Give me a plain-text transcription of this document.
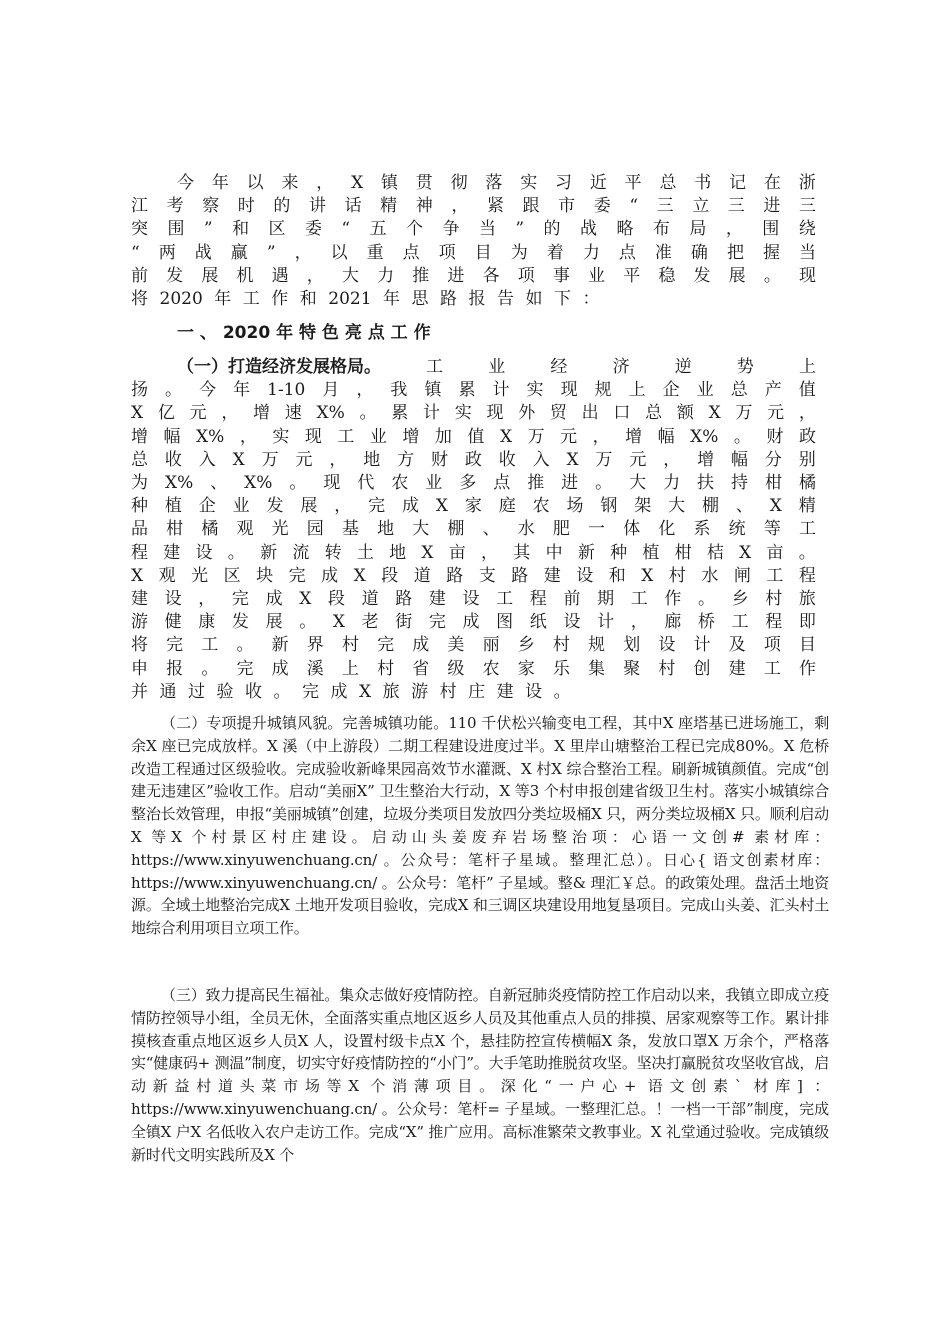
今 年 以 来 ， X 镇 贯 彻 落 实 习 近 平 总 书 记 在 浙
江 考 察 时 的 讲 话 精 神 ， 紧 跟 市 委 “ 三 立 三 进 三
突 围 ” 和 区 委 “ 五 个 争 当 ” 的 战 略 布 局 ， 围 绕
“ 两 战 赢 ” ， 以 重 点 项 目 为 着 力 点 准 确 把 握 当
前 发 展 机 遇 ， 大 力 推 进 各 项 事 业 平 稳 发 展 。 现
将 2020 年 工 作 和 2021 年 思 路 报 告 如 下 ：
一 、 2020 年 特 色 亮 点 工 作
（一）打造经济发展格局。	工	业	经	济	逆	势	上
扬 。 今 年 1-10 月 ， 我 镇 累 计 实 现 规 上 企 业 总 产 值
X 亿 元 ， 增 速 X% 。 累 计 实 现 外 贸 出 口 总 额 X 万 元 ，
增 幅 X% ， 实 现 工 业 增 加 值 X 万 元 ， 增 幅 X% 。 财 政
总 收 入 X 万 元 ， 地 方 财 政 收 入 X 万 元 ， 增 幅 分 别
为 X% 、 X% 。 现 代 农 业 多 点 推 进 。 大 力 扶 持 柑 橘
种 植 企 业 发 展 ， 完 成 X 家 庭 农 场 钢 架 大 棚 、 X 精
品 柑 橘 观 光 园 基 地 大 棚 、 水 肥 一 体 化 系 统 等 工
程 建 设 。 新 流 转 土 地 X 亩 ， 其 中 新 种 植 柑 桔 X 亩 。
X 观 光 区 块 完 成 X 段 道 路 支 路 建 设 和 X 村 水 闸 工 程
建 设 ， 完 成 X 段 道 路 建 设 工 程 前 期 工 作 。 乡 村 旅
游 健 康 发 展 。 X 老 街 完 成 图 纸 设 计 ， 廊 桥 工 程 即
将 完 工 。 新 界 村 完 成 美 丽 乡 村 规 划 设 计 及 项 目
申 报 。 完 成 溪 上 村 省 级 农 家 乐 集 聚 村 创 建 工 作
并 通 过 验 收 。 完 成 X 旅 游 村 庄 建 设 。

（二）专项提升城镇风貌。完善城镇功能。110 千伏松兴输变电工程，其中X 座塔基已进场施工，剩余X 座已完成放样。X 溪（中上游段）二期工程建设进度过半。X 里岸山塘整治工程已完成80%。X 危桥改造工程通过区级验收。完成验收新峰果园高效节水灌溉、X 村X 综合整治工程。刷新城镇颜值。完成“创建无违建区”验收工作。启动“美丽X” 卫生整治大行动，X 等3 个村申报创建省级卫生村。落实小城镇综合整治长效管理，申报“美丽城镇”创建，垃圾分类项目发放四分类垃圾桶X 只，两分类垃圾桶X 只。顺利启动X 等X 个村景区村庄建设。启动山头姜废弃岩场整治项：心语一文创# 素材库：https://www.xinyuwenchuang.cn/ 。公众号：笔杆子星域。整理汇总）。日心{ 语文创素材库：https://www.xinyuwenchuang.cn/ 。公众号：笔杆” 子星域。整& 理汇￥总。的政策处理。盘活土地资源。全域土地整治完成X 土地开发项目验收，完成X 和三调区块建设用地复垦项目。完成山头姜、汇头村土地综合利用项目立项工作。

（三）致力提高民生福祉。集众志做好疫情防控。自新冠肺炎疫情防控工作启动以来，我镇立即成立疫情防控领导小组，全员无休，全面落实重点地区返乡人员及其他重点人员的排摸、居家观察等工作。累计排摸核查重点地区返乡人员X 人，设置村级卡点X 个，悬挂防控宣传横幅X 条，发放口罩X 万余个，严格落实“健康码+ 测温”制度，切实守好疫情防控的“小门”。大手笔助推脱贫攻坚。坚决打赢脱贫攻坚收官战，启动新益村道头菜市场等X 个消薄项目。深化“一户心+ 语文创素` 材库] ：https://www.xinyuwenchuang.cn/ 。公众号：笔杆= 子星域。一整理汇总。！一档一干部”制度，完成全镇X 户X 名低收入农户走访工作。完成“X” 推广应用。高标准繁荣文教事业。X 礼堂通过验收。完成镇级新时代文明实践所及X 个
